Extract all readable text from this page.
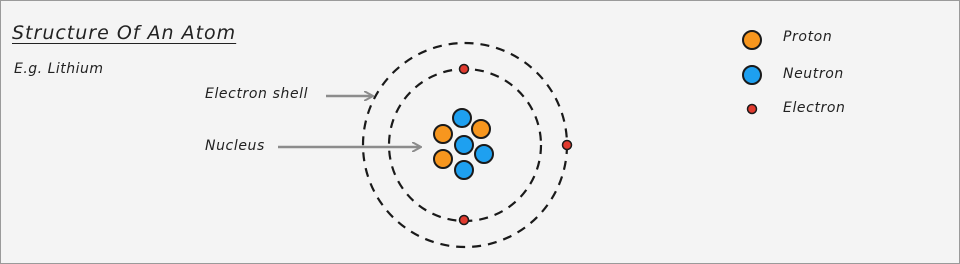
Structure Of An Atom
E.g. Lithium
Electron shell
Nucleus
Proton
Neutron
Electron
